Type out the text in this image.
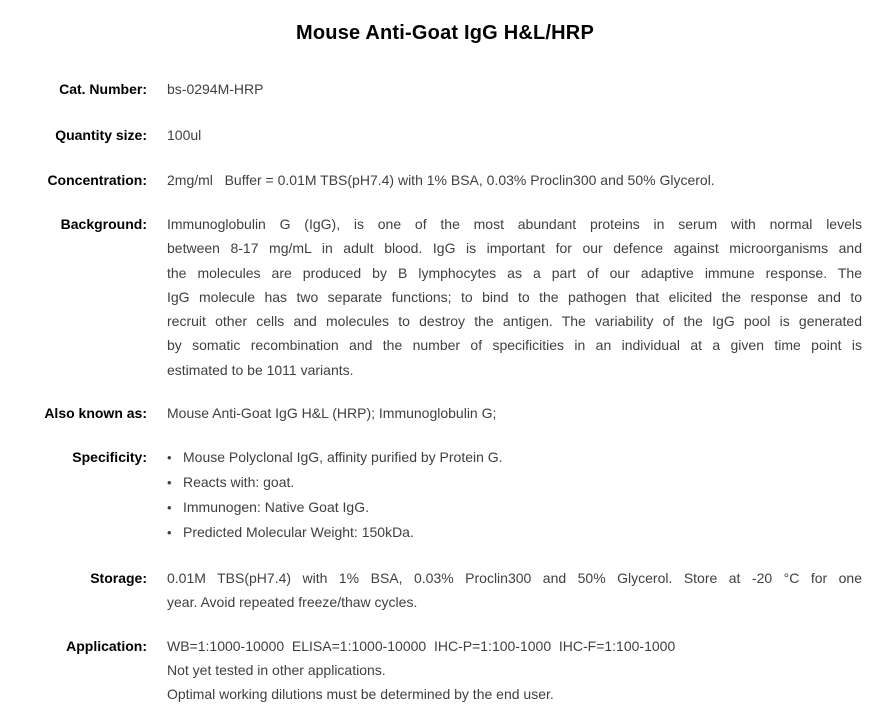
Mouse Anti-Goat IgG H&L/HRP
Cat. Number: bs-0294M-HRP
Quantity size: 100ul
Concentration: 2mg/ml   Buffer = 0.01M TBS(pH7.4) with 1% BSA, 0.03% Proclin300 and 50% Glycerol.
Background: Immunoglobulin G (IgG), is one of the most abundant proteins in serum with normal levels
between 8-17 mg/mL in adult blood. IgG is important for our defence against microorganisms and
the molecules are produced by B lymphocytes as a part of our adaptive immune response. The
IgG molecule has two separate functions; to bind to the pathogen that elicited the response and to
recruit other cells and molecules to destroy the antigen. The variability of the IgG pool is generated
by somatic recombination and the number of specificities in an individual at a given time point is
estimated to be 1011 variants.
Also known as: Mouse Anti-Goat IgG H&L (HRP); Immunoglobulin G;
Specificity: • Mouse Polyclonal IgG, affinity purified by Protein G.
• Reacts with: goat.
• Immunogen: Native Goat IgG.
• Predicted Molecular Weight: 150kDa.
Storage: 0.01M TBS(pH7.4) with 1% BSA, 0.03% Proclin300 and 50% Glycerol. Store at -20 °C for one
year. Avoid repeated freeze/thaw cycles.
Application: WB=1:1000-10000  ELISA=1:1000-10000  IHC-P=1:100-1000  IHC-F=1:100-1000
Not yet tested in other applications.
Optimal working dilutions must be determined by the end user.
